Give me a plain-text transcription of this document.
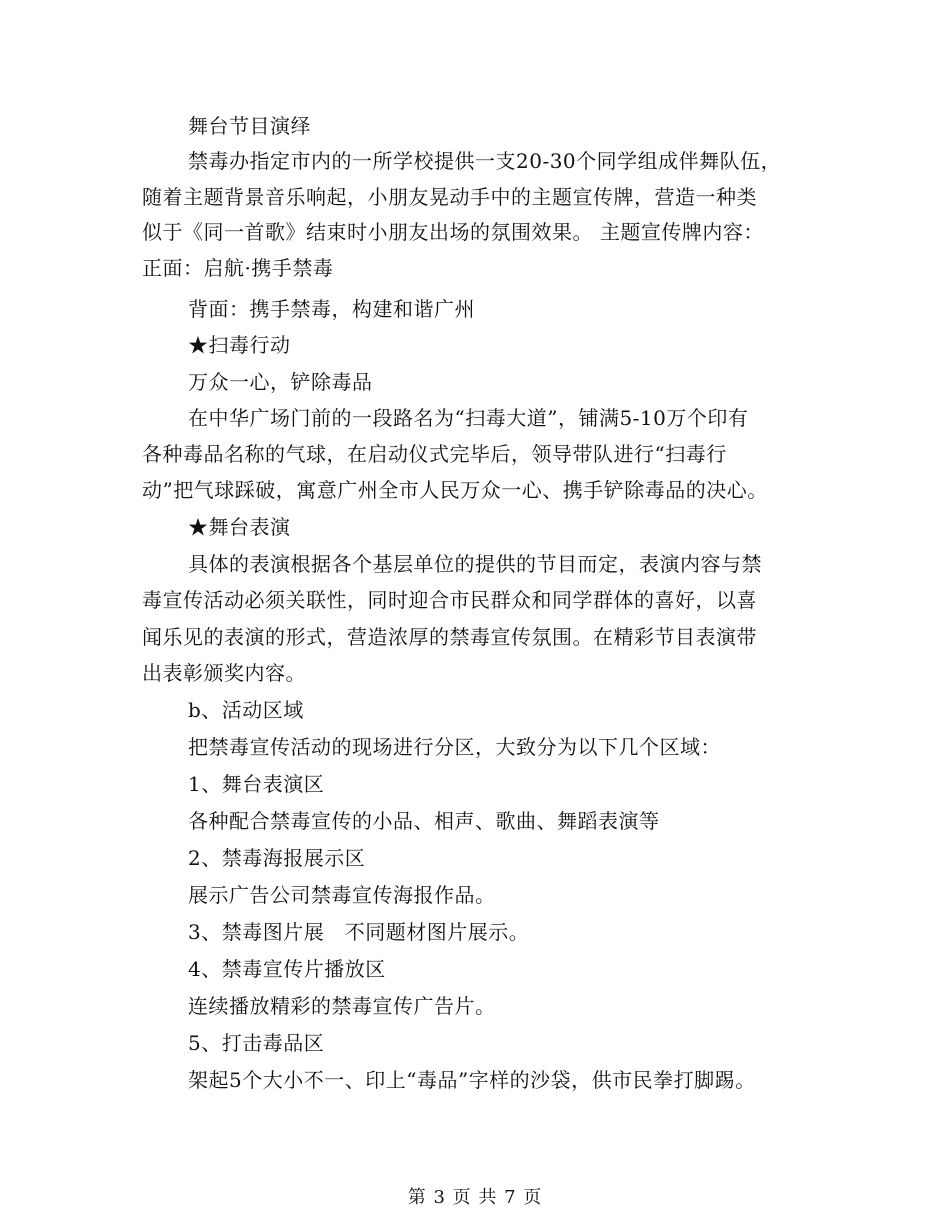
舞台节目演绎
禁毒办指定市内的一所学校提供一支20-30个同学组成伴舞队伍，
随着主题背景音乐响起，小朋友晃动手中的主题宣传牌，营造一种类
似于《同一首歌》结束时小朋友出场的氛围效果。 主题宣传牌内容：
正面：启航·携手禁毒
背面：携手禁毒，构建和谐广州
★扫毒行动
万众一心，铲除毒品
在中华广场门前的一段路名为“扫毒大道”，铺满5-10万个印有
各种毒品名称的气球，在启动仪式完毕后，领导带队进行“扫毒行
动”把气球踩破，寓意广州全市人民万众一心、携手铲除毒品的决心。
★舞台表演
具体的表演根据各个基层单位的提供的节目而定，表演内容与禁
毒宣传活动必须关联性，同时迎合市民群众和同学群体的喜好，以喜
闻乐见的表演的形式，营造浓厚的禁毒宣传氛围。在精彩节目表演带
出表彰颁奖内容。
b、活动区域
把禁毒宣传活动的现场进行分区，大致分为以下几个区域：
1、舞台表演区
各种配合禁毒宣传的小品、相声、歌曲、舞蹈表演等
2、禁毒海报展示区
展示广告公司禁毒宣传海报作品。
3、禁毒图片展　不同题材图片展示。
4、禁毒宣传片播放区
连续播放精彩的禁毒宣传广告片。
5、打击毒品区
架起5个大小不一、印上“毒品”字样的沙袋，供市民拳打脚踢。
第 3 页 共 7 页
